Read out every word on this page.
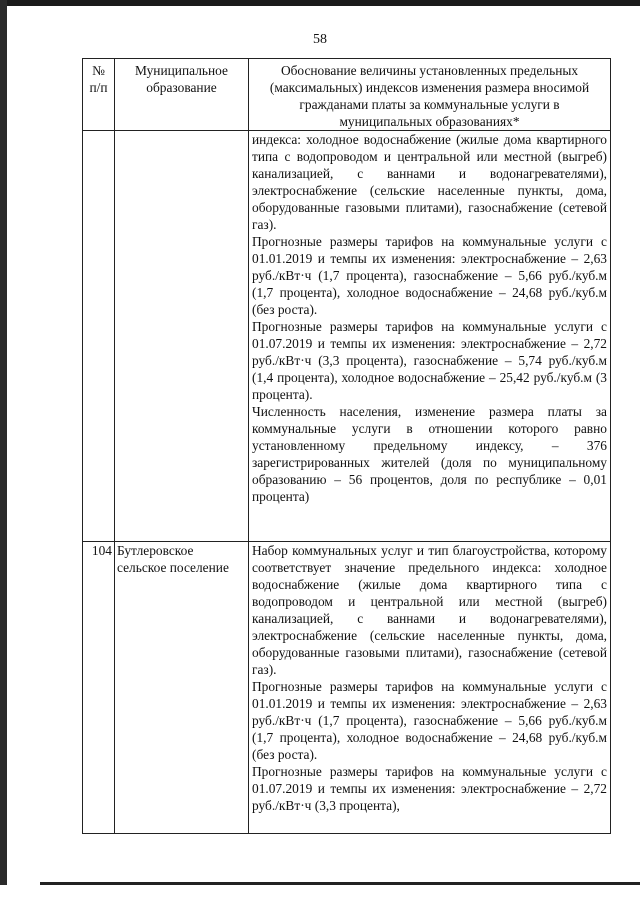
58
№ п/п	Муниципальное образование	Обоснование величины установленных предельных (максимальных) индексов изменения размера вносимой гражданами платы за коммунальные услуги в муниципальных образованиях*

		индекса: холодное водоснабжение (жилые дома квартирного типа с водопроводом и центральной или местной (выгреб) канализацией, с ваннами и водонагревателями), электроснабжение (сельские населенные пункты, дома, оборудованные газовыми плитами), газоснабжение (сетевой газ).

Прогнозные размеры тарифов на коммунальные услуги с 01.01.2019 и темпы их изменения: электроснабжение – 2,63 руб./кВт·ч (1,7 процента), газоснабжение – 5,66 руб./куб.м (1,7 процента), холодное водоснабжение – 24,68 руб./куб.м (без роста).

Прогнозные размеры тарифов на коммунальные услуги с 01.07.2019 и темпы их изменения: электроснабжение – 2,72 руб./кВт·ч (3,3 процента), газоснабжение – 5,74 руб./куб.м (1,4 процента), холодное водоснабжение – 25,42 руб./куб.м (3 процента).

Численность населения, изменение размера платы за коммунальные услуги в отношении которого равно установленному предельному индексу, – 376 зарегистрированных жителей (доля по муниципальному образованию – 56 процентов, доля по республике – 0,01 процента)

104	Бутлеровское сельское поселение	Набор коммунальных услуг и тип благоустройства, которому соответствует значение предельного индекса: холодное водоснабжение (жилые дома квартирного типа с водопроводом и центральной или местной (выгреб) канализацией, с ваннами и водонагревателями), электроснабжение (сельские населенные пункты, дома, оборудованные газовыми плитами), газоснабжение (сетевой газ).

Прогнозные размеры тарифов на коммунальные услуги с 01.01.2019 и темпы их изменения: электроснабжение – 2,63 руб./кВт·ч (1,7 процента), газоснабжение – 5,66 руб./куб.м (1,7 процента), холодное водоснабжение – 24,68 руб./куб.м (без роста).

Прогнозные размеры тарифов на коммунальные услуги с 01.07.2019 и темпы их изменения: электроснабжение – 2,72 руб./кВт·ч (3,3 процента),
